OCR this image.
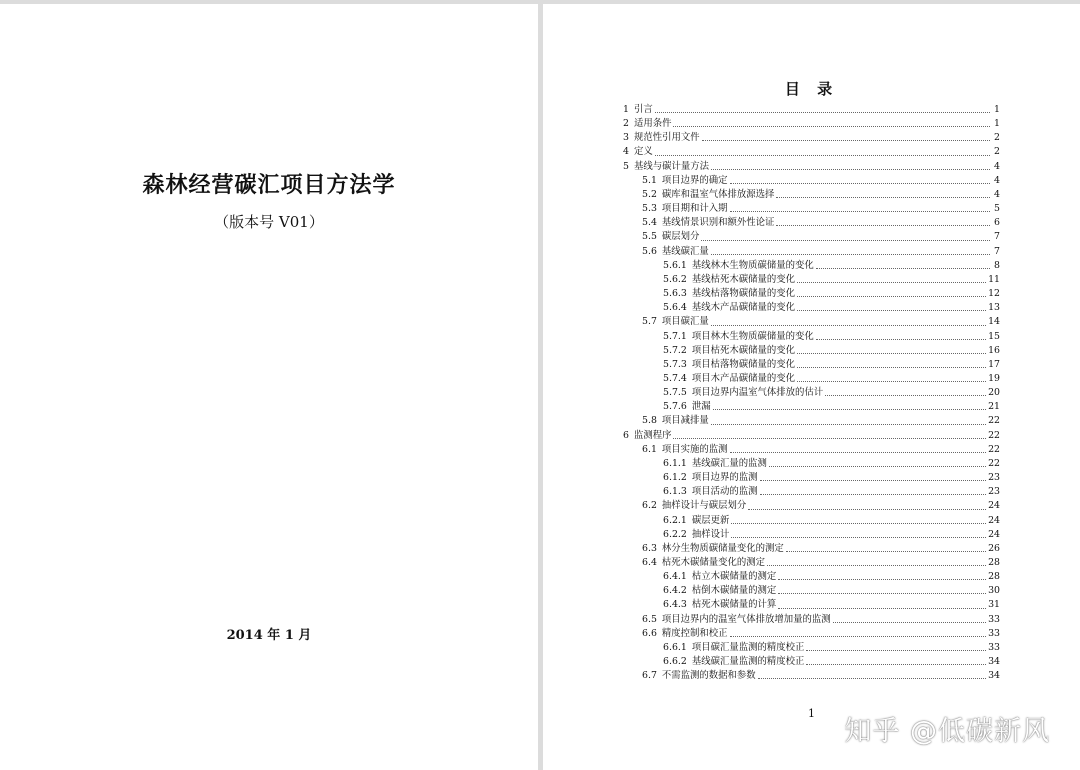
森林经营碳汇项目方法学
（版本号 V01）
2014 年 1 月
目 录
1 引言	1
2 适用条件	1
3 规范性引用文件	2
4 定义	2
5 基线与碳计量方法	4
5.1 项目边界的确定	4
5.2 碳库和温室气体排放源选择	4
5.3 项目期和计入期	5
5.4 基线情景识别和额外性论证	6
5.5 碳层划分	7
5.6 基线碳汇量	7
5.6.1 基线林木生物质碳储量的变化	8
5.6.2 基线枯死木碳储量的变化	11
5.6.3 基线枯落物碳储量的变化	12
5.6.4 基线木产品碳储量的变化	13
5.7 项目碳汇量	14
5.7.1 项目林木生物质碳储量的变化	15
5.7.2 项目枯死木碳储量的变化	16
5.7.3 项目枯落物碳储量的变化	17
5.7.4 项目木产品碳储量的变化	19
5.7.5 项目边界内温室气体排放的估计	20
5.7.6 泄漏	21
5.8 项目减排量	22
6 监测程序	22
6.1 项目实施的监测	22
6.1.1 基线碳汇量的监测	22
6.1.2 项目边界的监测	23
6.1.3 项目活动的监测	23
6.2 抽样设计与碳层划分	24
6.2.1 碳层更新	24
6.2.2 抽样设计	24
6.3 林分生物质碳储量变化的测定	26
6.4 枯死木碳储量变化的测定	28
6.4.1 枯立木碳储量的测定	28
6.4.2 枯倒木碳储量的测定	30
6.4.3 枯死木碳储量的计算	31
6.5 项目边界内的温室气体排放增加量的监测	33
6.6 精度控制和校正	33
6.6.1 项目碳汇量监测的精度校正	33
6.6.2 基线碳汇量监测的精度校正	34
6.7 不需监测的数据和参数	34
1
知乎 @低碳新风
